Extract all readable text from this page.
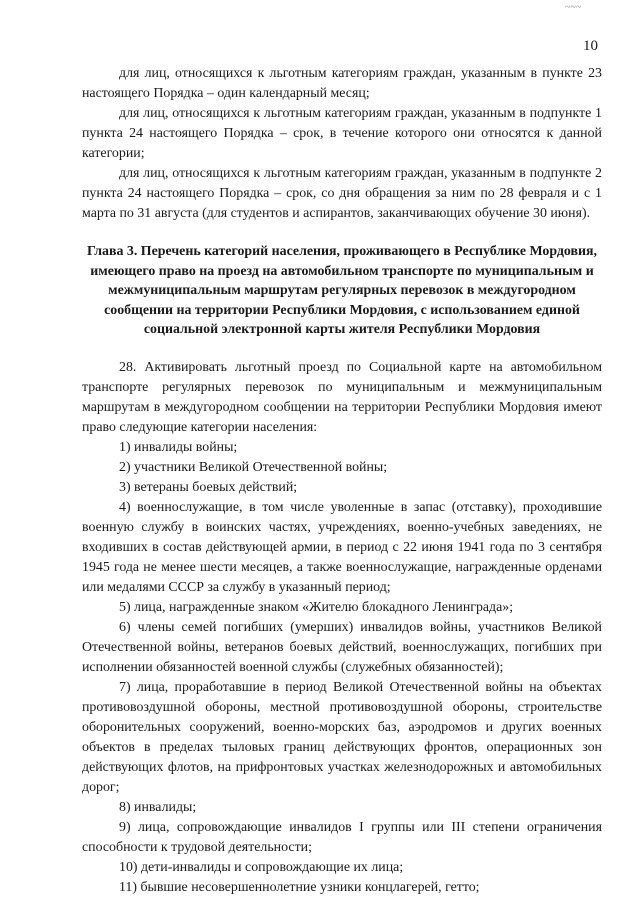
~~~
10

для лиц, относящихся к льготным категориям граждан, указанным в пункте 23 настоящего Порядка – один календарный месяц;

для лиц, относящихся к льготным категориям граждан, указанным в подпункте 1 пункта 24 настоящего Порядка – срок, в течение которого они относятся к данной категории;

для лиц, относящихся к льготным категориям граждан, указанным в подпункте 2 пункта 24 настоящего Порядка – срок, со дня обращения за ним по 28 февраля и с 1 марта по 31 августа (для студентов и аспирантов, заканчивающих обучение 30 июня).

Глава 3. Перечень категорий населения, проживающего в Республике Мордовия, имеющего право на проезд на автомобильном транспорте по муниципальным и межмуниципальным маршрутам регулярных перевозок в междугородном сообщении на территории Республики Мордовия, с использованием единой социальной электронной карты жителя Республики Мордовия

28. Активировать льготный проезд по Социальной карте на автомобильном транспорте регулярных перевозок по муниципальным и межмуниципальным маршрутам в междугородном сообщении на территории Республики Мордовия имеют право следующие категории населения:

1) инвалиды войны;

2) участники Великой Отечественной войны;

3) ветераны боевых действий;

4) военнослужащие, в том числе уволенные в запас (отставку), проходившие военную службу в воинских частях, учреждениях, военно-учебных заведениях, не входивших в состав действующей армии, в период с 22 июня 1941 года по 3 сентября 1945 года не менее шести месяцев, а также военнослужащие, награжденные орденами или медалями СССР за службу в указанный период;

5) лица, награжденные знаком «Жителю блокадного Ленинграда»;

6) члены семей погибших (умерших) инвалидов войны, участников Великой Отечественной войны, ветеранов боевых действий, военнослужащих, погибших при исполнении обязанностей военной службы (служебных обязанностей);

7) лица, проработавшие в период Великой Отечественной войны на объектах противовоздушной обороны, местной противовоздушной обороны, строительстве оборонительных сооружений, военно-морских баз, аэродромов и других военных объектов в пределах тыловых границ действующих фронтов, операционных зон действующих флотов, на прифронтовых участках железнодорожных и автомобильных дорог;

8) инвалиды;

9) лица, сопровождающие инвалидов I группы или III степени ограничения способности к трудовой деятельности;

10) дети-инвалиды и сопровождающие их лица;

11) бывшие несовершеннолетние узники концлагерей, гетто;
